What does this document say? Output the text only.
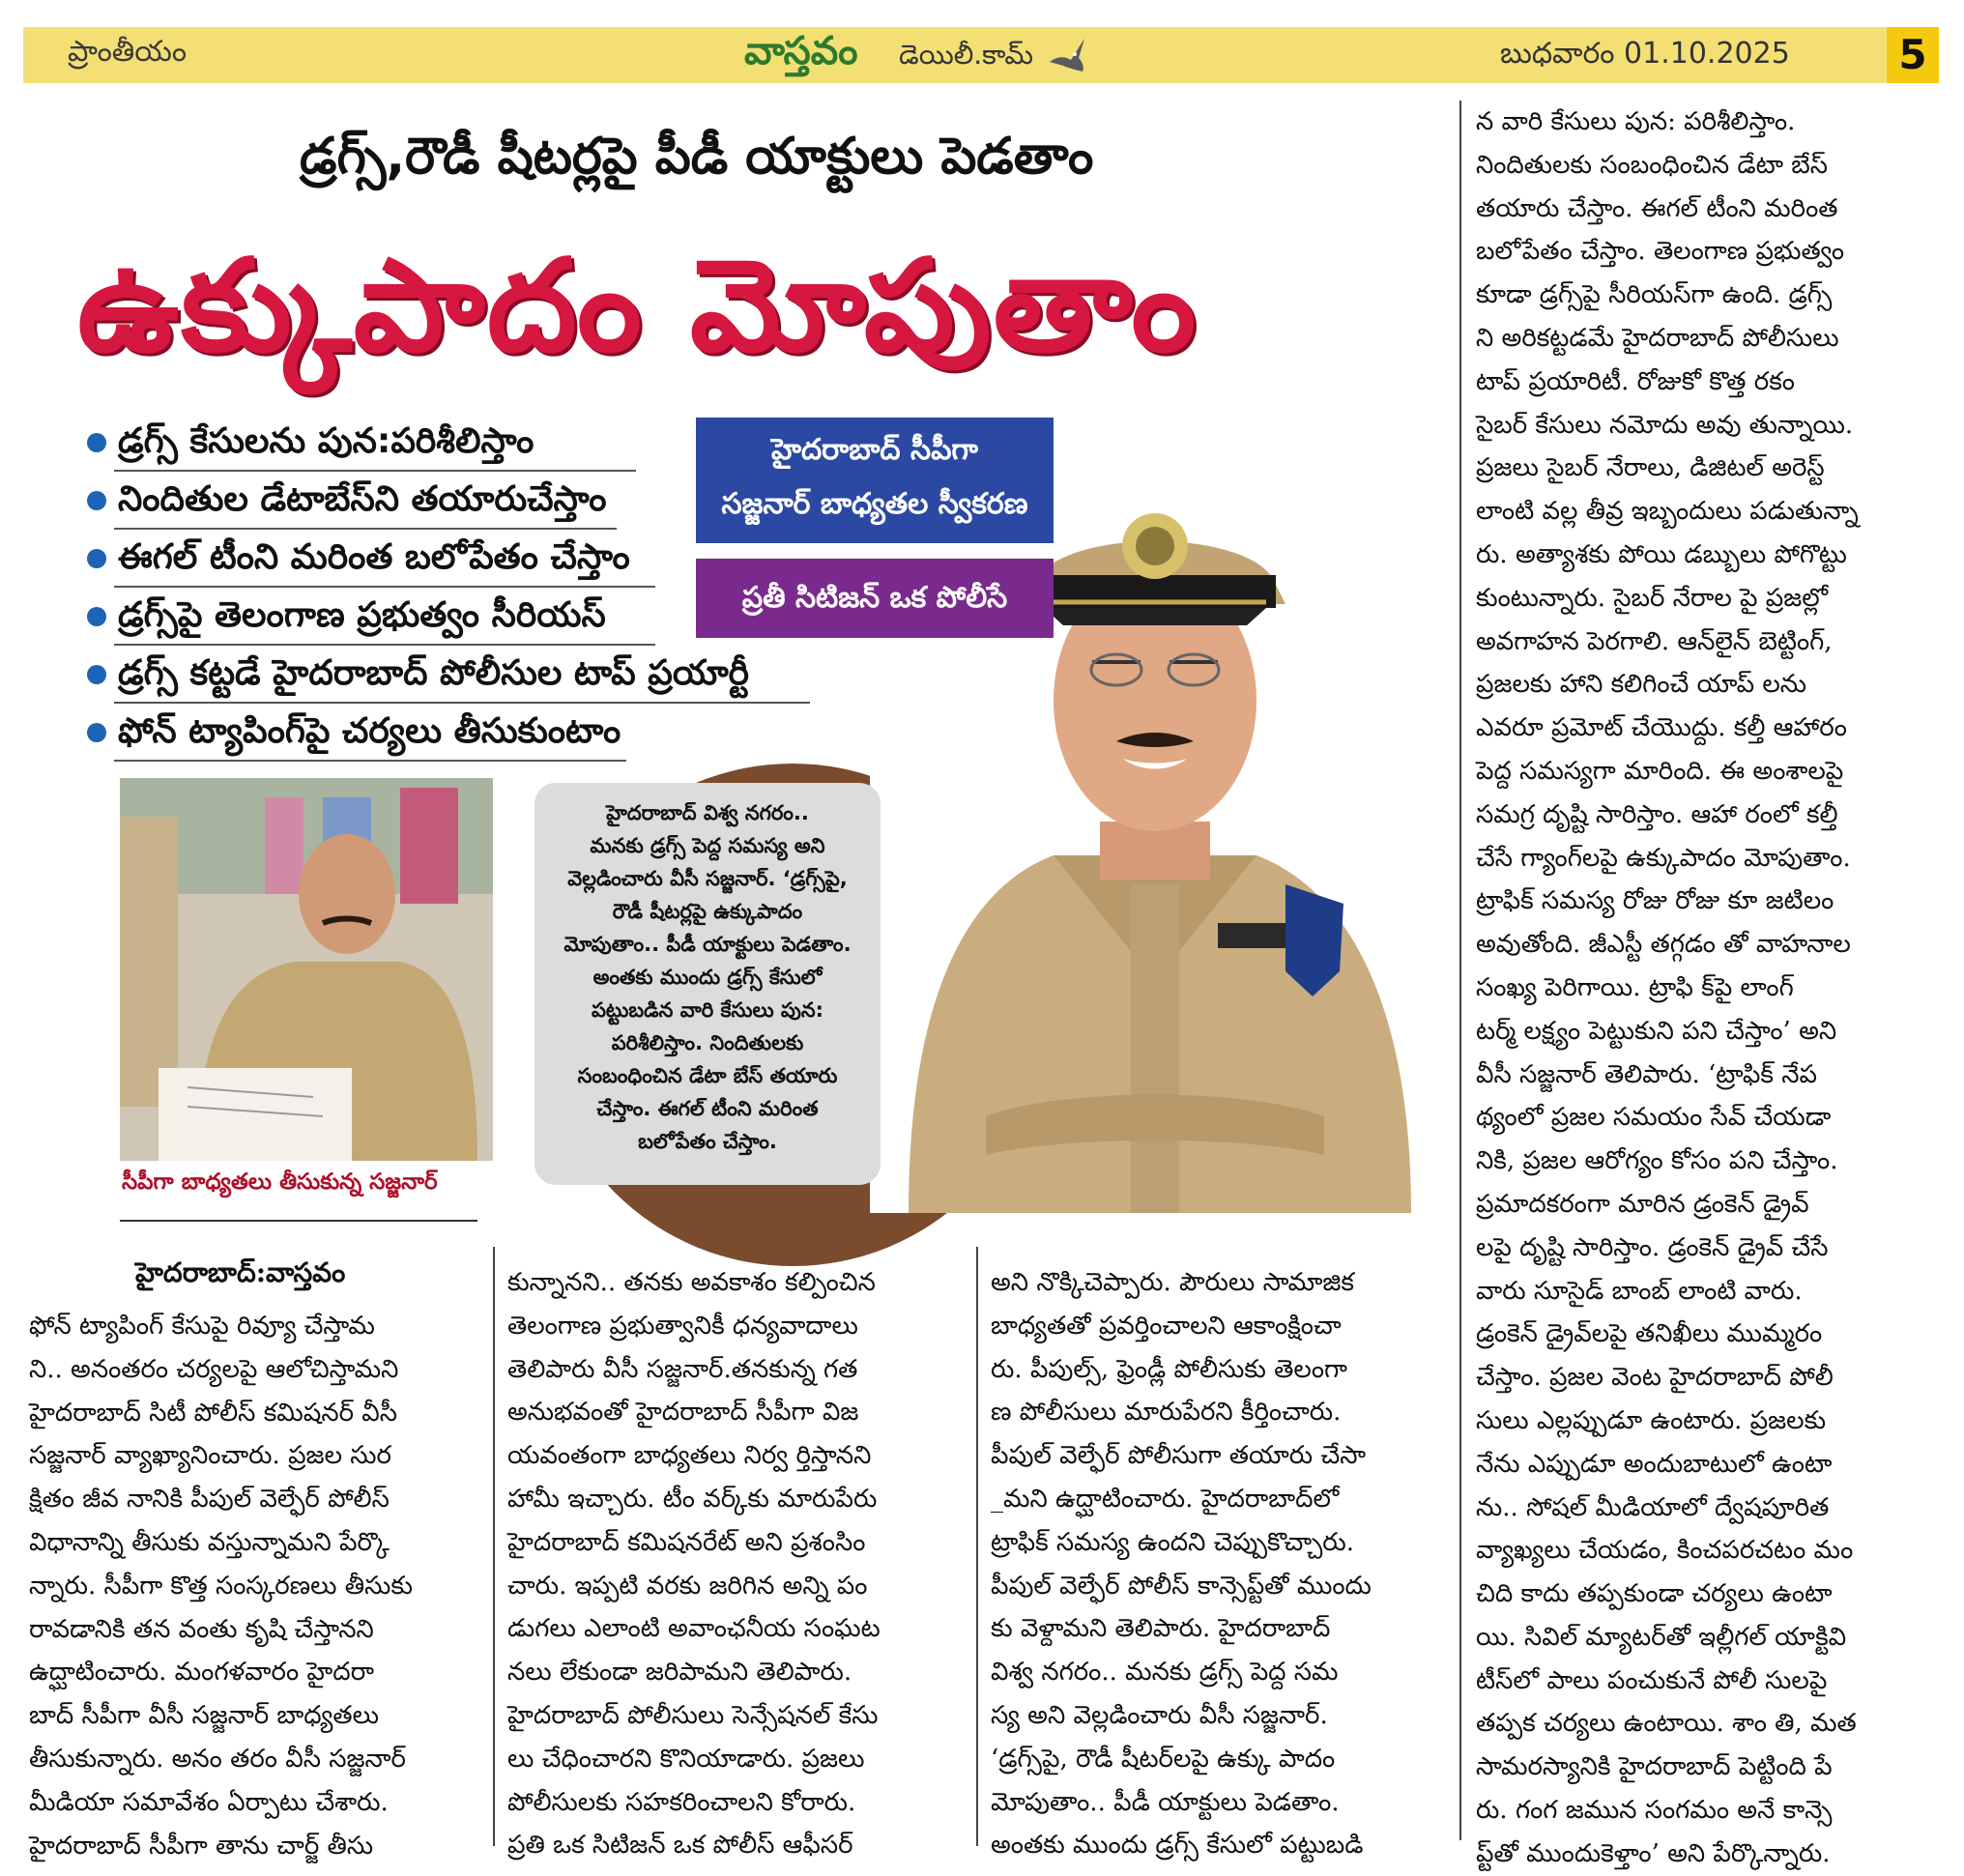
ప్రాంతీయం	వాస్తవం డెయిలీ.కామ్	బుధవారం 01.10.2025	5
డ్రగ్స్‌,రౌడీ షీటర్లపై పీడీ యాక్టులు పెడతాం
ఉక్కుపాదం మోపుతాం
డ్రగ్స్‌ కేసులను పున:పరిశీలిస్తాం
నిందితుల డేటాబేస్‌ని తయారుచేస్తాం
ఈగల్‌ టీంని మరింత బలోపేతం చేస్తాం
డ్రగ్స్‌పై తెలంగాణ ప్రభుత్వం సీరియస్‌
డ్రగ్స్‌ కట్టడే హైదరాబాద్‌ పోలీసుల టాప్‌ ప్రయార్టీ
ఫోన్‌ ట్యాపింగ్‌పై చర్యలు తీసుకుంటాం
హైదరాబాద్‌ సీపీగా
సజ్జనార్‌ బాధ్యతల స్వీకరణ
ప్రతీ సిటిజన్‌ ఒక పోలీసే
సీపీగా బాధ్యతలు తీసుకున్న సజ్జనార్‌
హైదరాబాద్‌ విశ్వ నగరం..
మనకు డ్రగ్స్‌ పెద్ద సమస్య అని
వెల్లడించారు వీసీ సజ్జనార్‌. ‘డ్రగ్స్‌పై,
రౌడీ షీటర్లపై ఉక్కుపాదం
మోపుతాం.. పీడీ యాక్టులు పెడతాం.
అంతకు ముందు డ్రగ్స్‌ కేసులో
పట్టుబడిన వారి కేసులు పున:
పరిశీలిస్తాం. నిందితులకు
సంబంధించిన డేటా బేస్‌ తయారు
చేస్తాం. ఈగల్‌ టీంని మరింత
బలోపేతం చేస్తాం.
న వారి కేసులు పున: పరిశీలిస్తాం.
నిందితులకు సంబంధించిన డేటా బేస్‌
తయారు చేస్తాం. ఈగల్‌ టీంని మరింత
బలోపేతం చేస్తాం. తెలంగాణ ప్రభుత్వం
కూడా డ్రగ్స్‌పై సీరియస్‌గా ఉంది. డ్రగ్స్‌
ని అరికట్టడమే హైదరాబాద్‌ పోలీసులు
టాప్‌ ప్రయారిటీ. రోజుకో కొత్త రకం
సైబర్‌ కేసులు నమోదు అవు తున్నాయి.
ప్రజలు సైబర్‌ నేరాలు, డిజిటల్‌ అరెస్ట్‌
లాంటి వల్ల తీవ్ర ఇబ్బందులు పడుతున్నా
రు. అత్యాశకు పోయి డబ్బులు పోగొట్టు
కుంటున్నారు. సైబర్‌ నేరాల పై ప్రజల్లో
అవగాహన పెరగాలి. ఆన్‌లైన్‌ బెట్టింగ్‌,
ప్రజలకు హాని కలిగించే యాప్‌ లను
ఎవరూ ప్రమోట్‌ చేయొద్దు. కల్తీ ఆహారం
పెద్ద సమస్యగా మారింది. ఈ అంశాలపై
సమగ్ర దృష్టి సారిస్తాం. ఆహా రంలో కల్తీ
చేసే గ్యాంగ్‌లపై ఉక్కుపాదం మోపుతాం.
ట్రాఫిక్‌ సమస్య రోజు రోజు కూ జటిలం
అవుతోంది. జీఎస్టీ తగ్గడం తో వాహనాల
సంఖ్య పెరిగాయి. ట్రాఫి క్‌పై లాంగ్‌
టర్మ్‌ లక్ష్యం పెట్టుకుని పని చేస్తాం’ అని
వీసీ సజ్జనార్‌ తెలిపారు. ‘ట్రాఫిక్‌ నేప
థ్యంలో ప్రజల సమయం సేవ్‌ చేయడా
నికి, ప్రజల ఆరోగ్యం కోసం పని చేస్తాం.
ప్రమాదకరంగా మారిన డ్రంకెన్‌ డ్రైవ్‌
లపై దృష్టి సారిస్తాం. డ్రంకెన్‌ డ్రైవ్‌ చేసే
వారు సూసైడ్‌ బాంబ్‌ లాంటి వారు.
డ్రంకెన్‌ డ్రైవ్‌లపై తనిఖీలు ముమ్మరం
చేస్తాం. ప్రజల వెంట హైదరాబాద్‌ పోలీ
సులు ఎల్లప్పుడూ ఉంటారు. ప్రజలకు
నేను ఎప్పుడూ అందుబాటులో ఉంటా
ను.. సోషల్‌ మీడియాలో ద్వేషపూరిత
వ్యాఖ్యలు చేయడం, కించపరచటం మం
చిది కాదు తప్పకుండా చర్యలు ఉంటా
యి. సివిల్‌ మ్యాటర్‌తో ఇల్లీగల్‌ యాక్టివి
టీస్‌లో పాలు పంచుకునే పోలీ సులపై
తప్పక చర్యలు ఉంటాయి. శాం తి, మత
సామరస్యానికి హైదరాబాద్‌ పెట్టింది పే
రు. గంగ జమున సంగమం అనే కాన్సె
ప్ట్‌తో ముందుకెళ్తాం’ అని పేర్కొన్నారు.
హైదరాబాద్‌:వాస్తవం
ఫోన్‌ ట్యాపింగ్‌ కేసుపై రివ్యూ చేస్తామ
ని.. అనంతరం చర్యలపై ఆలోచిస్తామని
హైదరాబాద్‌ సిటీ పోలీస్‌ కమిషనర్‌ వీసీ
సజ్జనార్‌ వ్యాఖ్యానించారు. ప్రజల సుర
క్షితం జీవ నానికి పీపుల్‌ వెల్ఫేర్‌ పోలీస్‌
విధానాన్ని తీసుకు వస్తున్నామని పేర్కొ
న్నారు. సీపీగా కొత్త సంస్కరణలు తీసుకు
రావడానికి తన వంతు కృషి చేస్తానని
ఉద్ఘాటించారు. మంగళవారం హైదరా
బాద్‌ సీపీగా వీసీ సజ్జనార్‌ బాధ్యతలు
తీసుకున్నారు. అనం తరం వీసీ సజ్జనార్‌
మీడియా సమావేశం ఏర్పాటు చేశారు.
హైదరాబాద్‌ సీపీగా తాను చార్జ్‌ తీసు
కున్నానని.. తనకు అవకాశం కల్పించిన
తెలంగాణ ప్రభుత్వానికీ ధన్యవాదాలు
తెలిపారు వీసీ సజ్జనార్‌.తనకున్న గత
అనుభవంతో హైదరాబాద్‌ సీపీగా విజ
యవంతంగా బాధ్యతలు నిర్వ ర్తిస్తానని
హామీ ఇచ్చారు. టీం వర్క్‌కు మారుపేరు
హైదరాబాద్‌ కమిషనరేట్‌ అని ప్రశంసిం
చారు. ఇప్పటి వరకు జరిగిన అన్ని పం
డుగలు ఎలాంటి అవాంఛనీయ సంఘట
నలు లేకుండా జరిపామని తెలిపారు.
హైదరాబాద్‌ పోలీసులు సెన్సేషనల్‌ కేసు
లు చేధించారని కొనియాడారు. ప్రజలు
పోలీసులకు సహకరించాలని కోరారు.
ప్రతి ఒక సిటిజన్‌ ఒక పోలీస్‌ ఆఫీసర్‌
అని నొక్కిచెప్పారు. పౌరులు సామాజిక
బాధ్యతతో ప్రవర్తించాలని ఆకాంక్షించా
రు. పీపుల్స్‌, ఫ్రెండ్లీ పోలీసుకు తెలంగా
ణ పోలీసులు మారుపేరని కీర్తించారు.
పీపుల్‌ వెల్ఫేర్‌ పోలీసుగా తయారు చేసా
_మని ఉద్ఘాటించారు. హైదరాబాద్‌లో
ట్రాఫిక్‌ సమస్య ఉందని చెప్పుకొచ్చారు.
పీపుల్‌ వెల్ఫేర్‌ పోలీస్‌ కాన్సెప్ట్‌తో ముందు
కు వెళ్దామని తెలిపారు. హైదరాబాద్‌
విశ్వ నగరం.. మనకు డ్రగ్స్‌ పెద్ద సమ
స్య అని వెల్లడించారు వీసీ సజ్జనార్‌.
‘డ్రగ్స్‌పై, రౌడీ షీటర్‌లపై ఉక్కు పాదం
మోపుతాం.. పీడీ యాక్టులు పెడతాం.
అంతకు ముందు డ్రగ్స్‌ కేసులో పట్టుబడి
